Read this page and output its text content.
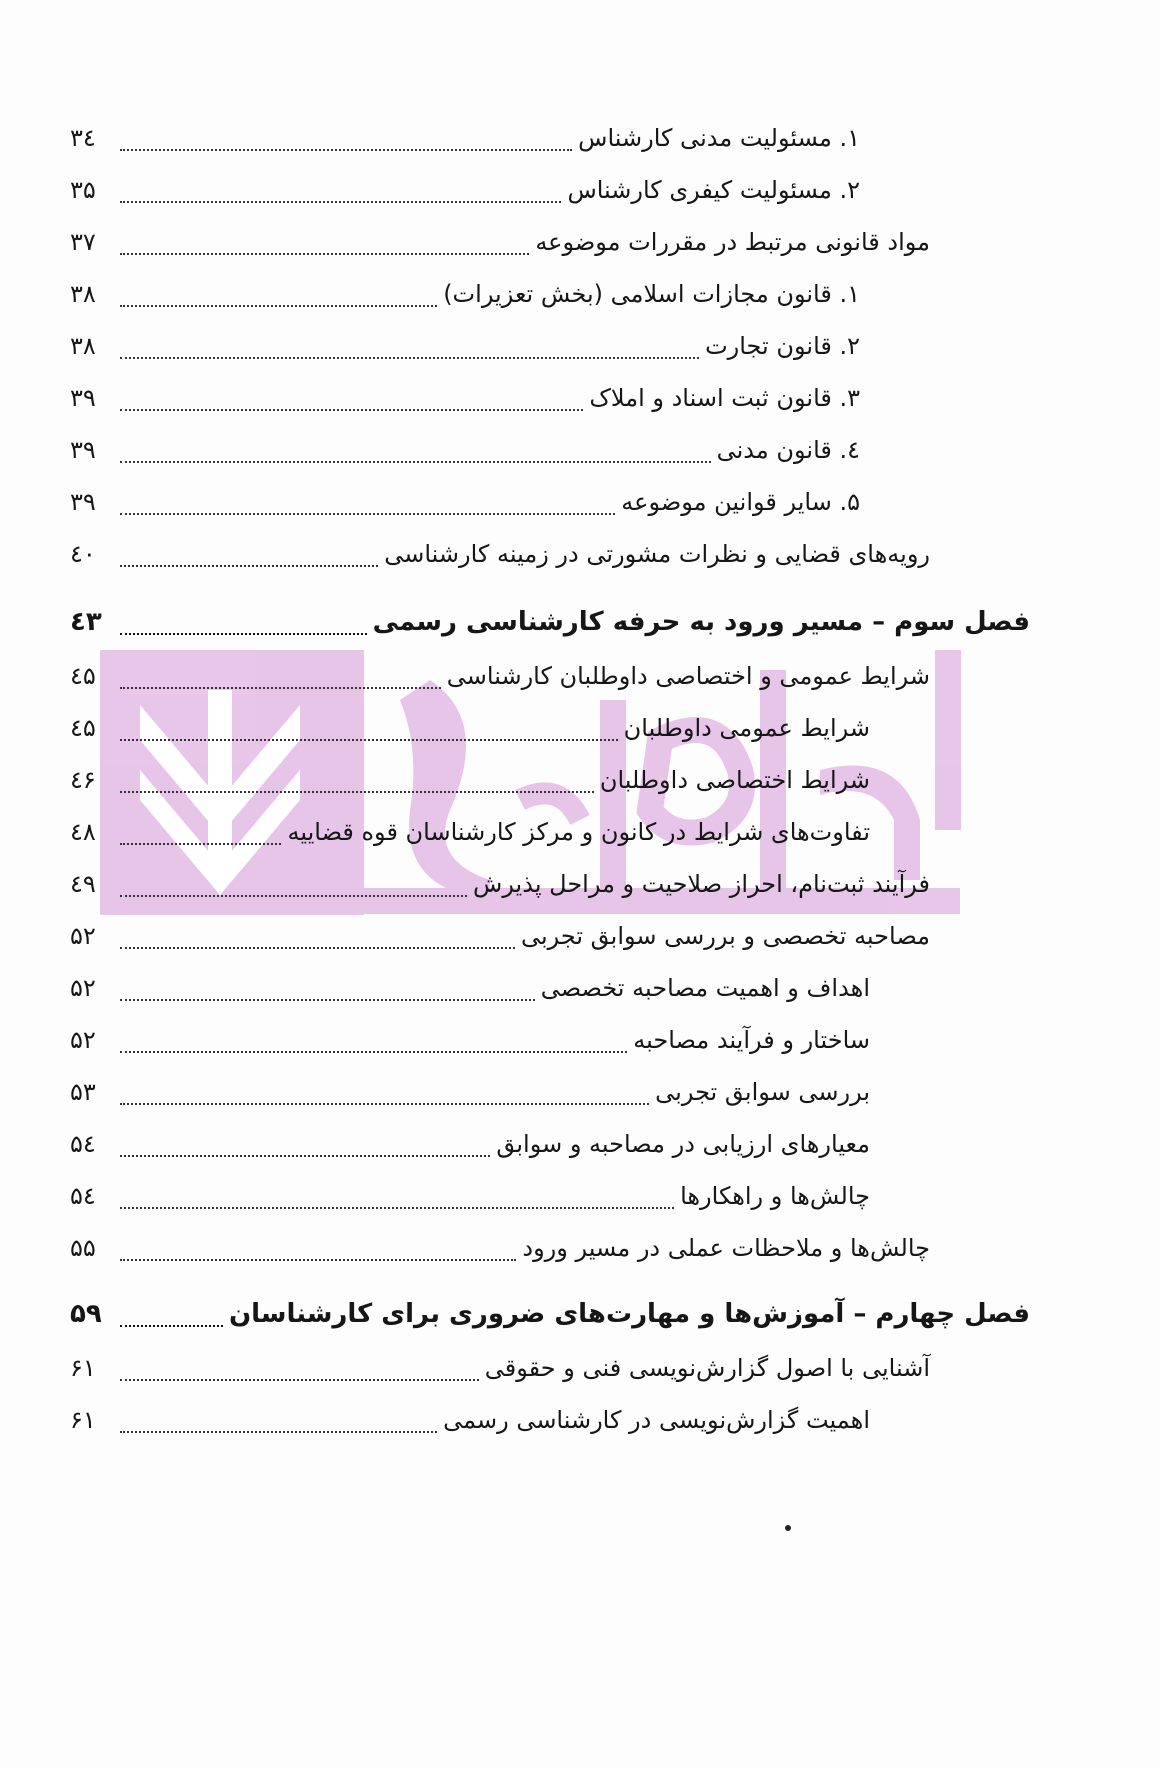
۱. مسئولیت مدنی کارشناس
۳٤
۲. مسئولیت کیفری کارشناس
۳۵
مواد قانونی مرتبط در مقررات موضوعه
۳۷
۱. قانون مجازات اسلامی (بخش تعزیرات)
۳۸
۲. قانون تجارت
۳۸
۳. قانون ثبت اسناد و املاک
۳۹
٤. قانون مدنی
۳۹
۵. سایر قوانین موضوعه
۳۹
رویه‌های قضایی و نظرات مشورتی در زمینه کارشناسی
٤۰
فصل سوم – مسیر ورود به حرفه کارشناسی رسمی
٤۳
شرایط عمومی و اختصاصی داوطلبان کارشناسی
٤۵
شرایط عمومی داوطلبان
٤۵
شرایط اختصاصی داوطلبان
٤۶
تفاوت‌های شرایط در کانون و مرکز کارشناسان قوه قضاییه
٤۸
فرآیند ثبت‌نام، احراز صلاحیت و مراحل پذیرش
٤۹
مصاحبه تخصصی و بررسی سوابق تجربی
۵۲
اهداف و اهمیت مصاحبه تخصصی
۵۲
ساختار و فرآیند مصاحبه
۵۲
بررسی سوابق تجربی
۵۳
معیارهای ارزیابی در مصاحبه و سوابق
۵٤
چالش‌ها و راهکارها
۵٤
چالش‌ها و ملاحظات عملی در مسیر ورود
۵۵
فصل چهارم – آموزش‌ها و مهارت‌های ضروری برای کارشناسان
۵۹
آشنایی با اصول گزارش‌نویسی فنی و حقوقی
۶۱
اهمیت گزارش‌نویسی در کارشناسی رسمی
۶۱
